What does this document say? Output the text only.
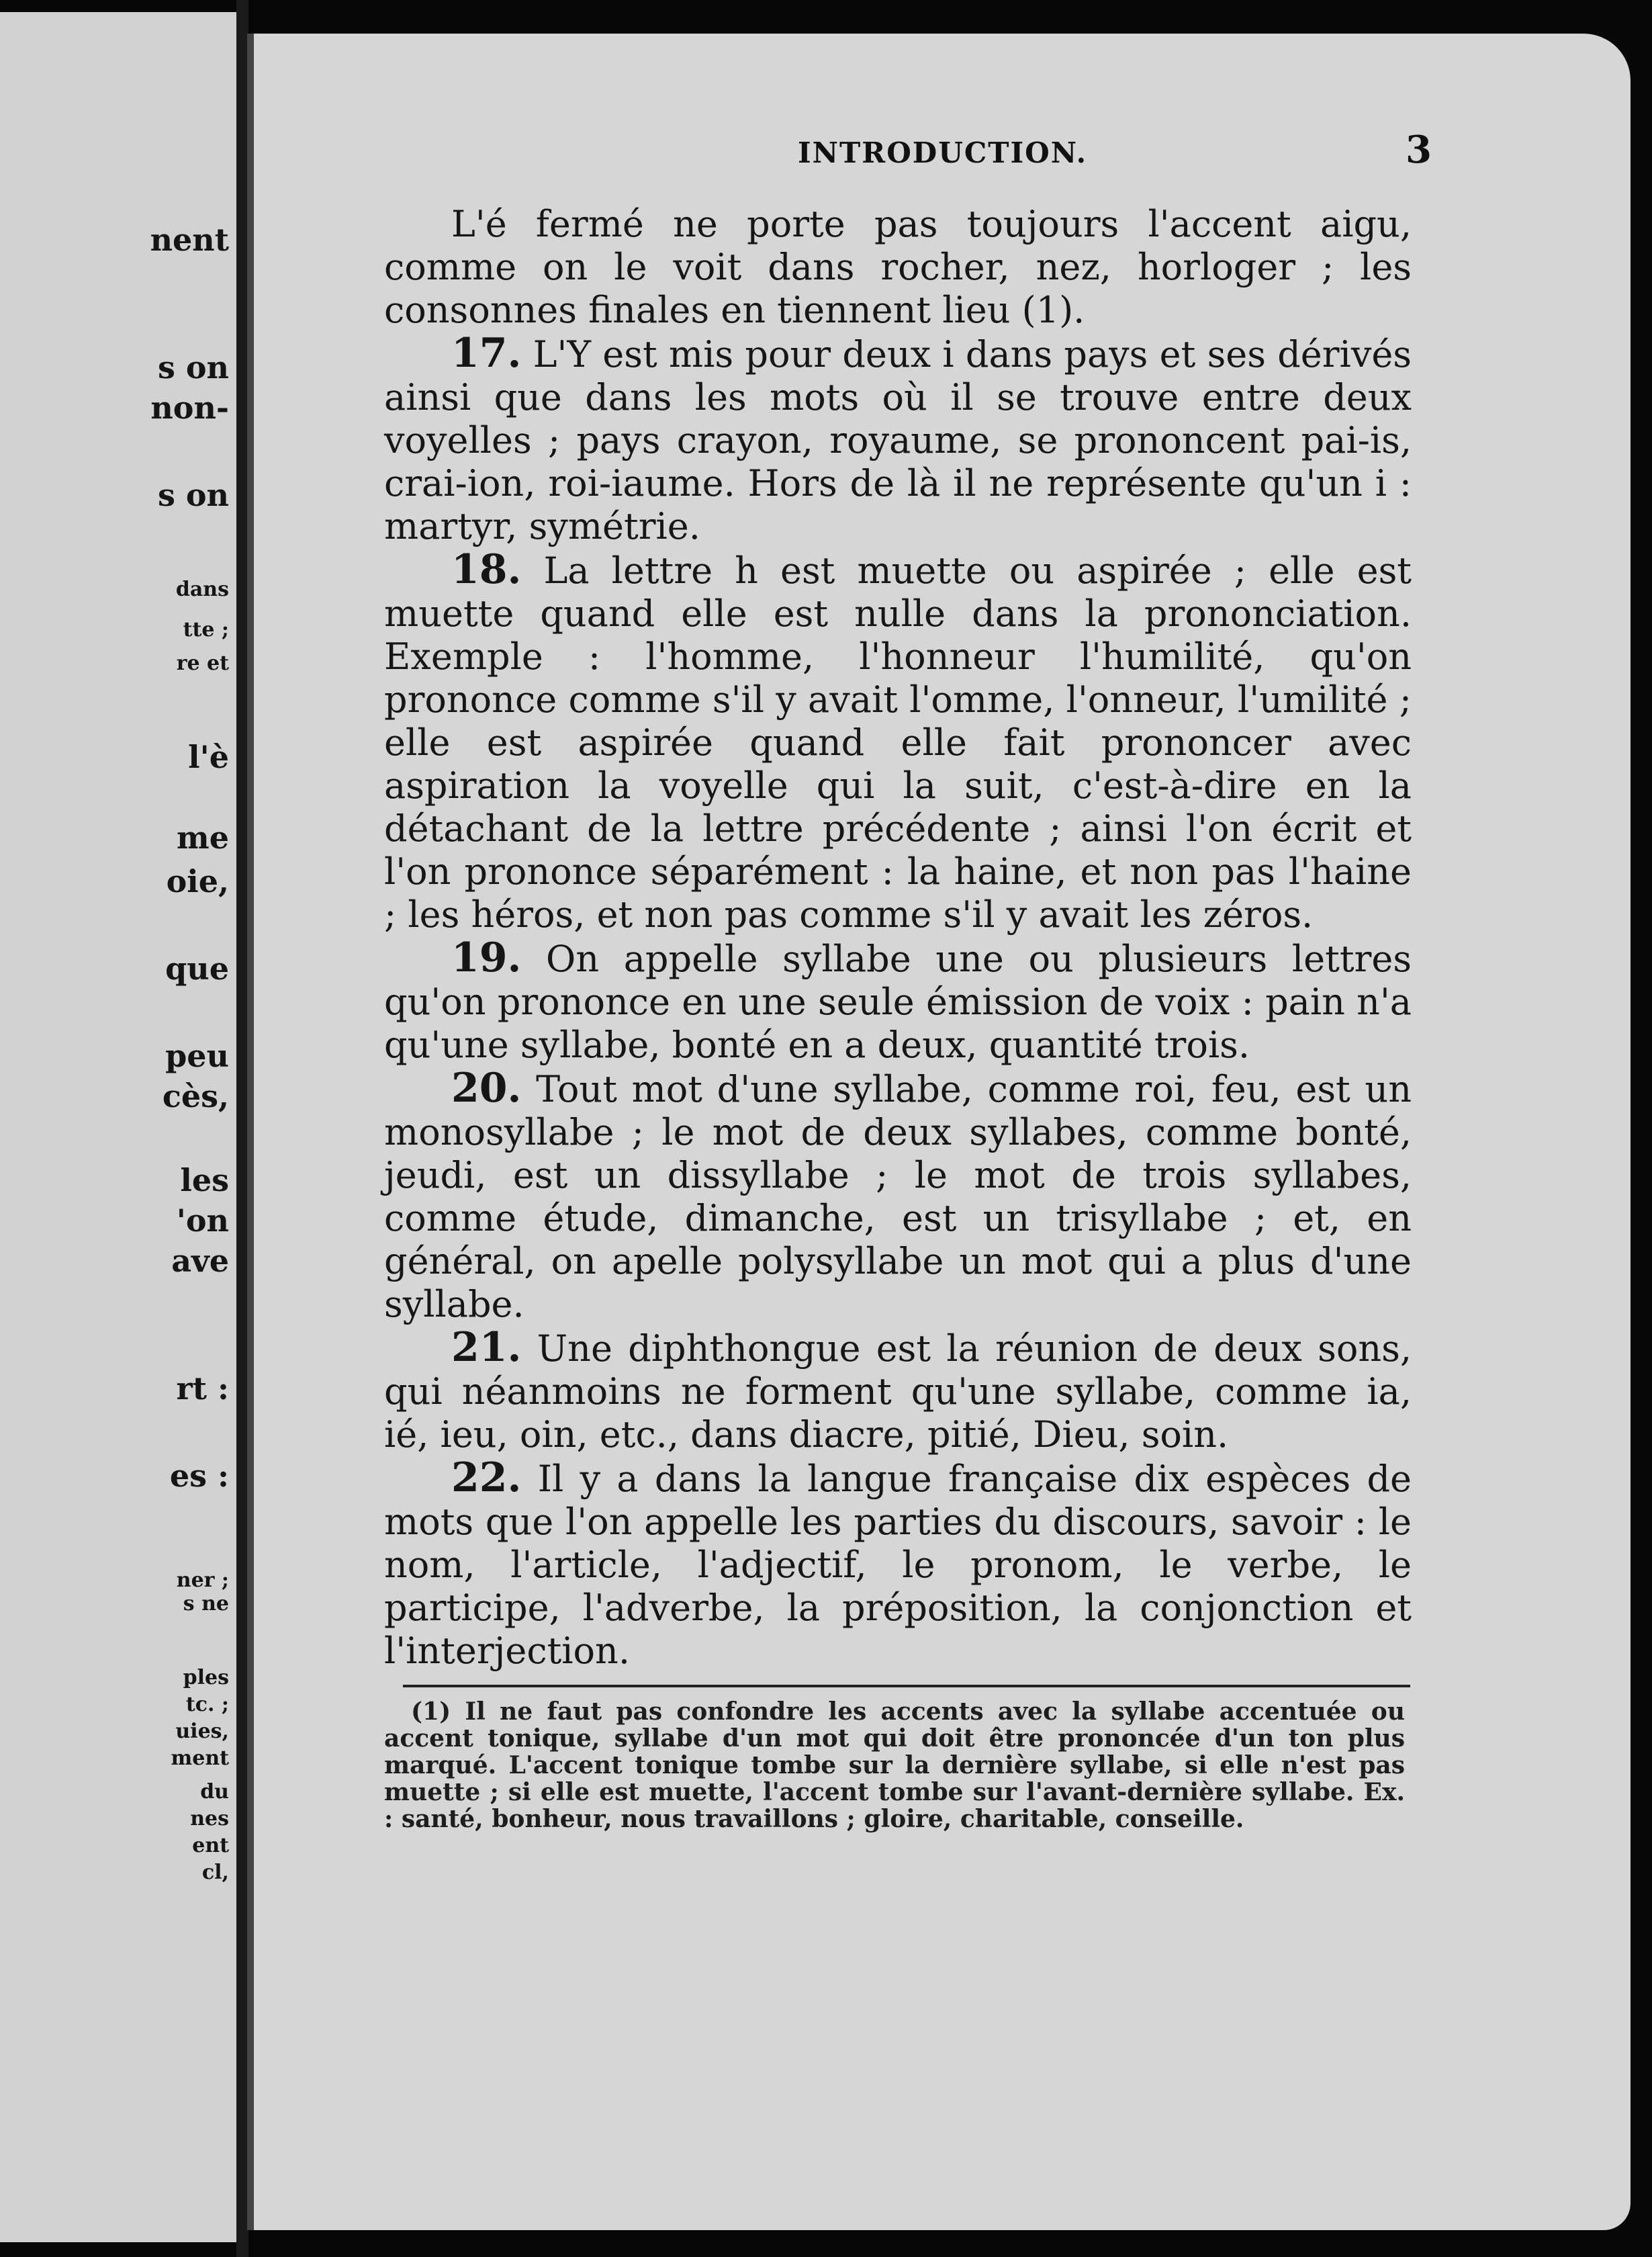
nent
s on
non-
s on
dans
tte ;
re et
l'è
me
oie,
que
peu
cès,
les
'on
ave
rt :
es :
ner ;
s ne
ples
tc. ;
uies,
ment
du
nes
ent
cl,
INTRODUCTION.	3

L'é fermé ne porte pas toujours l'accent aigu, comme on le voit dans rocher, nez, horloger ; les consonnes finales en tiennent lieu (1).

17. L'Y est mis pour deux i dans pays et ses dérivés ainsi que dans les mots où il se trouve entre deux voyelles ; pays crayon, royaume, se prononcent pai-is, crai-ion, roi-iaume. Hors de là il ne représente qu'un i : martyr, symétrie.

18. La lettre h est muette ou aspirée ; elle est muette quand elle est nulle dans la prononciation. Exemple : l'homme, l'honneur l'humilité, qu'on prononce comme s'il y avait l'omme, l'onneur, l'umilité ; elle est aspirée quand elle fait prononcer avec aspiration la voyelle qui la suit, c'est-à-dire en la détachant de la lettre précédente ; ainsi l'on écrit et l'on prononce séparément : la haine, et non pas l'haine ; les héros, et non pas comme s'il y avait les zéros.

19. On appelle syllabe une ou plusieurs lettres qu'on prononce en une seule émission de voix : pain n'a qu'une syllabe, bonté en a deux, quantité trois.

20. Tout mot d'une syllabe, comme roi, feu, est un monosyllabe ; le mot de deux syllabes, comme bonté, jeudi, est un dissyllabe ; le mot de trois syllabes, comme étude, dimanche, est un trisyllabe ; et, en général, on apelle polysyllabe un mot qui a plus d'une syllabe.

21. Une diphthongue est la réunion de deux sons, qui néanmoins ne forment qu'une syllabe, comme ia, ié, ieu, oin, etc., dans diacre, pitié, Dieu, soin.

22. Il y a dans la langue française dix espèces de mots que l'on appelle les parties du discours, savoir : le nom, l'article, l'adjectif, le pronom, le verbe, le participe, l'adverbe, la préposition, la conjonction et l'interjection.

(1) Il ne faut pas confondre les accents avec la syllabe accentuée ou accent tonique, syllabe d'un mot qui doit être prononcée d'un ton plus marqué. L'accent tonique tombe sur la dernière syllabe, si elle n'est pas muette ; si elle est muette, l'accent tombe sur l'avant-dernière syllabe. Ex. : santé, bonheur, nous travaillons ; gloire, charitable, conseille.
